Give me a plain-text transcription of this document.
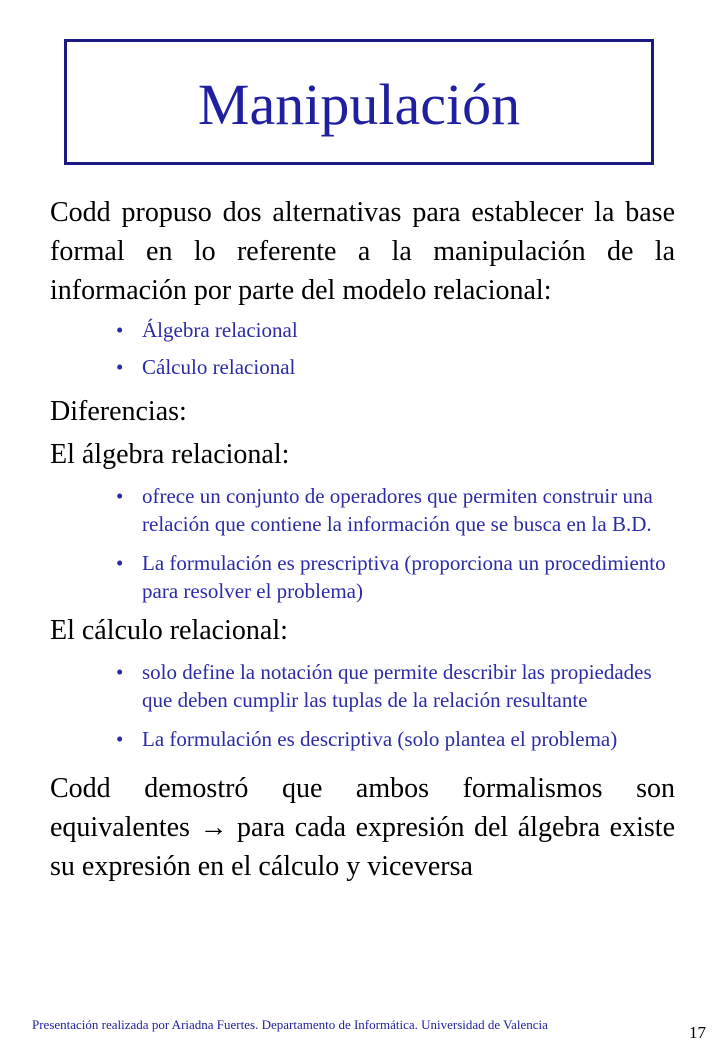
Manipulación

Codd propuso dos alternativas para establecer la base formal en lo referente a la manipulación de la información por parte del modelo relacional:

• Álgebra relacional
• Cálculo relacional

Diferencias:

El álgebra relacional:

• ofrece un conjunto de operadores que permiten construir una relación que contiene la información que se busca en la B.D.
• La formulación es prescriptiva (proporciona un procedimiento para resolver el problema)

El cálculo relacional:

• solo define la notación que permite describir las propiedades que deben cumplir las tuplas de la relación resultante
• La formulación es descriptiva (solo plantea el problema)

Codd demostró que ambos formalismos son equivalentes → para cada expresión del álgebra existe su expresión en el cálculo y viceversa

Presentación realizada por Ariadna Fuertes. Departamento de Informática. Universidad de Valencia	17
